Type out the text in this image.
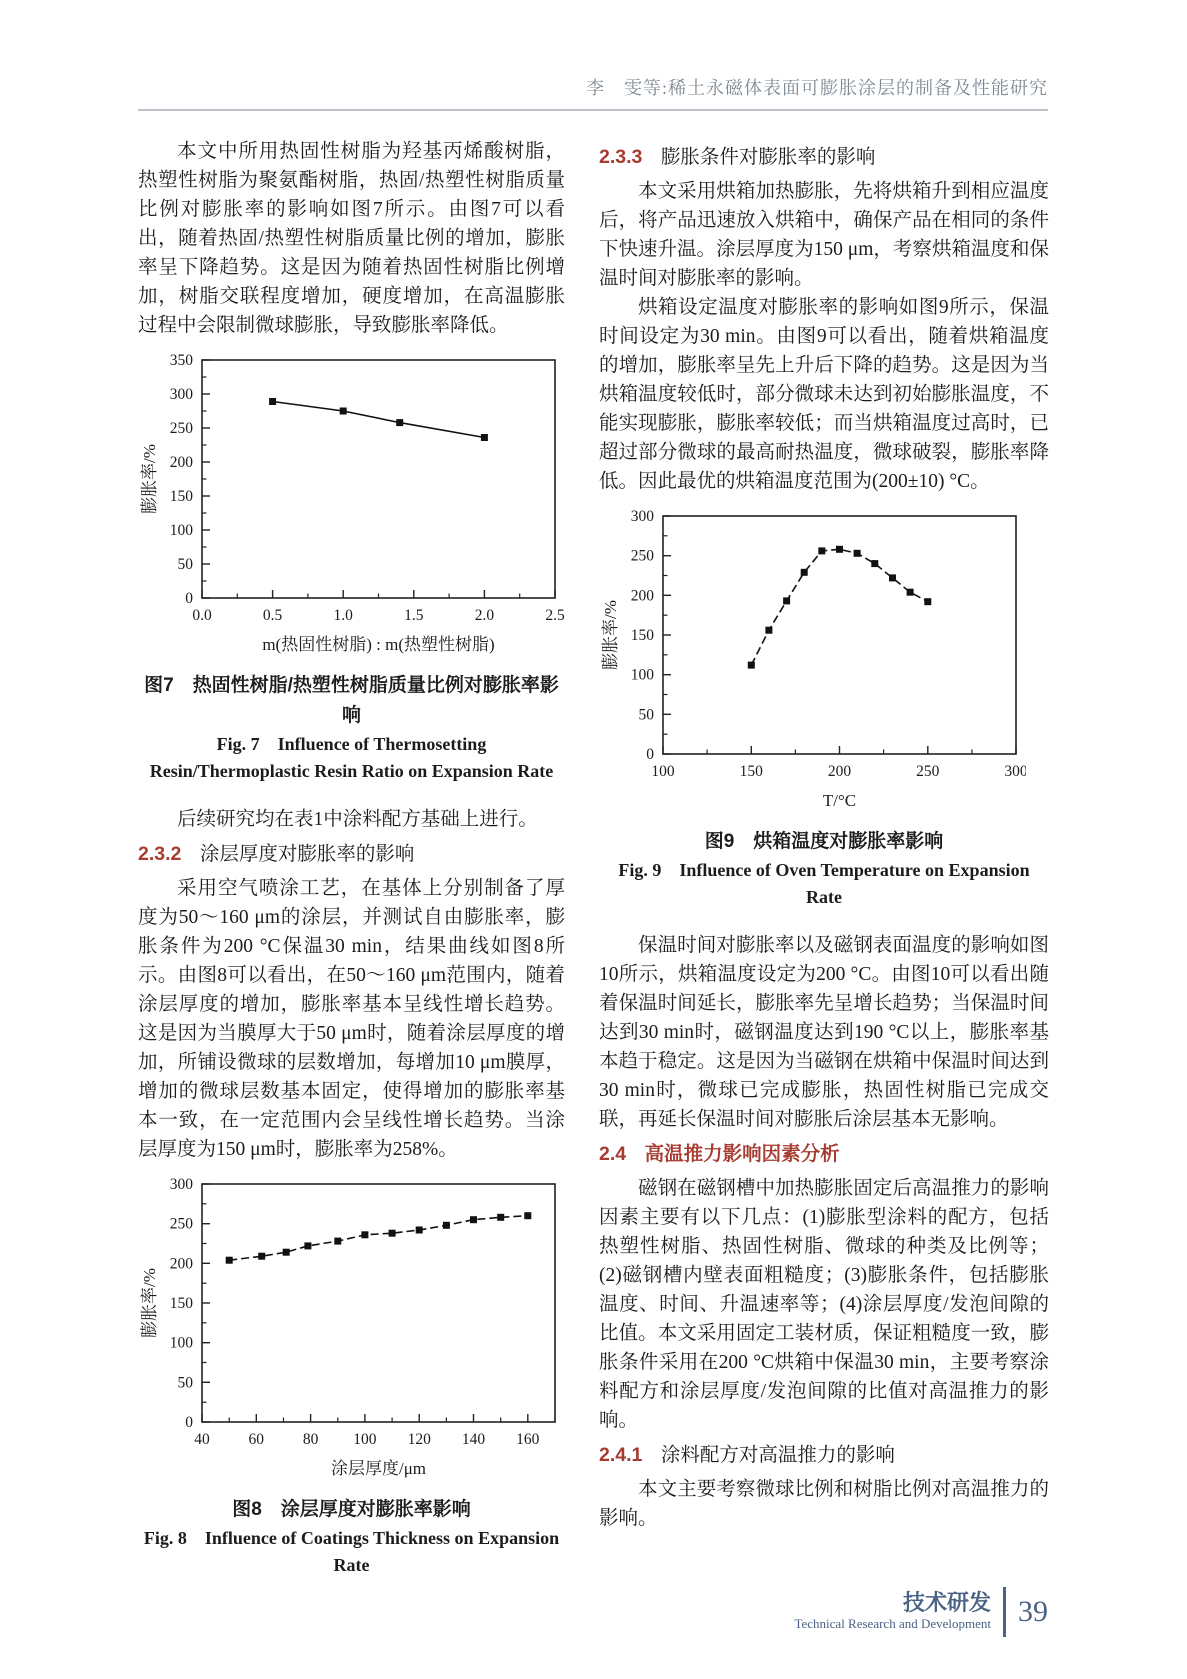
李　雯等:稀土永磁体表面可膨胀涂层的制备及性能研究

本文中所用热固性树脂为羟基丙烯酸树脂，热塑性树脂为聚氨酯树脂，热固/热塑性树脂质量比例对膨胀率的影响如图7所示。由图7可以看出，随着热固/热塑性树脂质量比例的增加，膨胀率呈下降趋势。这是因为随着热固性树脂比例增加，树脂交联程度增加，硬度增加，在高温膨胀过程中会限制微球膨胀，导致膨胀率降低。

0.0	0.5	1.0	1.5	2.0	2.5
0
50
100
150
200
250
300
350
m(热固性树脂) : m(热塑性树脂)
膨胀率/%
图7　热固性树脂/热塑性树脂质量比例对膨胀率影响
Fig. 7　Influence of Thermosetting Resin/Thermoplastic Resin Ratio on Expansion Rate

后续研究均在表1中涂料配方基础上进行。

2.3.2 涂层厚度对膨胀率的影响

采用空气喷涂工艺，在基体上分别制备了厚度为50～160 μm的涂层，并测试自由膨胀率，膨胀条件为200 °C保温30 min，结果曲线如图8所示。由图8可以看出，在50～160 μm范围内，随着涂层厚度的增加，膨胀率基本呈线性增长趋势。这是因为当膜厚大于50 μm时，随着涂层厚度的增加，所铺设微球的层数增加，每增加10 μm膜厚，增加的微球层数基本固定，使得增加的膨胀率基本一致，在一定范围内会呈线性增长趋势。当涂层厚度为150 μm时，膨胀率为258%。

40	60	80 100 120 140 160
0
50
100
150
200
250
300
涂层厚度/μm
膨胀率/%
图8　涂层厚度对膨胀率影响
Fig. 8　Influence of Coatings Thickness on Expansion Rate
2.3.3 膨胀条件对膨胀率的影响

本文采用烘箱加热膨胀，先将烘箱升到相应温度后，将产品迅速放入烘箱中，确保产品在相同的条件下快速升温。涂层厚度为150 μm，考察烘箱温度和保温时间对膨胀率的影响。

烘箱设定温度对膨胀率的影响如图9所示，保温时间设定为30 min。由图9可以看出，随着烘箱温度的增加，膨胀率呈先上升后下降的趋势。这是因为当烘箱温度较低时，部分微球未达到初始膨胀温度，不能实现膨胀，膨胀率较低；而当烘箱温度过高时，已超过部分微球的最高耐热温度，微球破裂，膨胀率降低。因此最优的烘箱温度范围为(200±10) °C。

100	150	200	250	300
0
50
100
150
200
250
300
T/°C
膨胀率/%
图9　烘箱温度对膨胀率影响
Fig. 9　Influence of Oven Temperature on Expansion Rate

保温时间对膨胀率以及磁钢表面温度的影响如图10所示，烘箱温度设定为200 °C。由图10可以看出随着保温时间延长，膨胀率先呈增长趋势；当保温时间达到30 min时，磁钢温度达到190 °C以上，膨胀率基本趋于稳定。这是因为当磁钢在烘箱中保温时间达到30 min时，微球已完成膨胀，热固性树脂已完成交联，再延长保温时间对膨胀后涂层基本无影响。

2.4 高温推力影响因素分析

磁钢在磁钢槽中加热膨胀固定后高温推力的影响因素主要有以下几点：(1)膨胀型涂料的配方，包括热塑性树脂、热固性树脂、微球的种类及比例等；(2)磁钢槽内壁表面粗糙度；(3)膨胀条件，包括膨胀温度、时间、升温速率等；(4)涂层厚度/发泡间隙的比值。本文采用固定工装材质，保证粗糙度一致，膨胀条件采用在200 °C烘箱中保温30 min，主要考察涂料配方和涂层厚度/发泡间隙的比值对高温推力的影响。

2.4.1 涂料配方对高温推力的影响

本文主要考察微球比例和树脂比例对高温推力的影响。

技术研发
Technical Research and Development 39
